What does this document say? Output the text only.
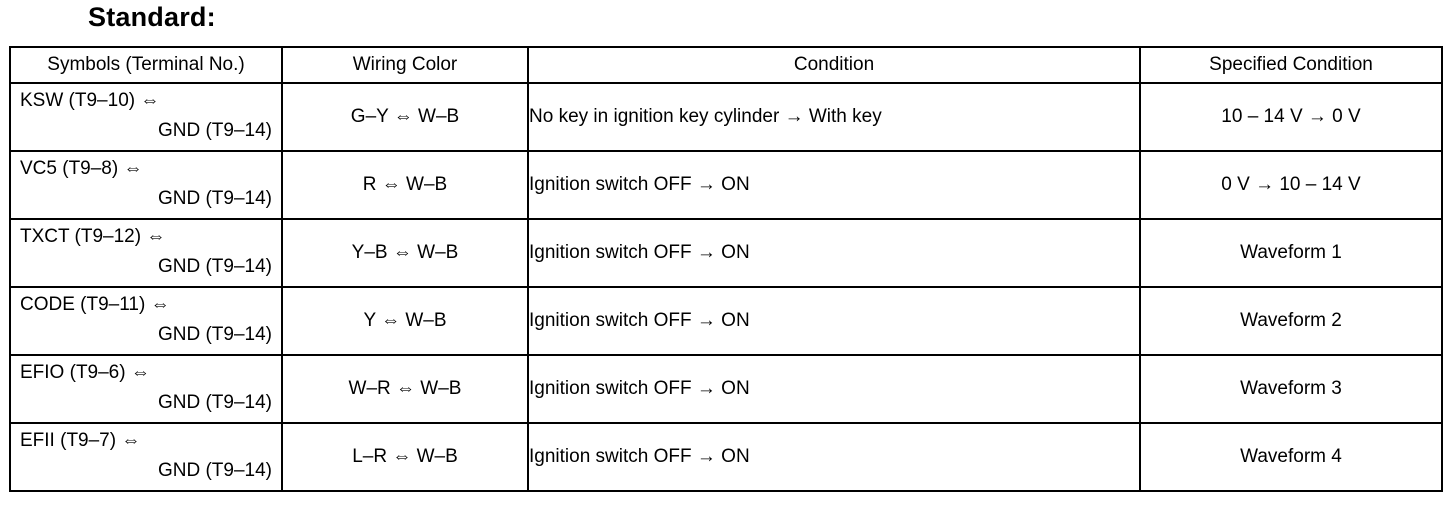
Standard:
Symbols (Terminal No.)	Wiring Color	Condition	Specified Condition

KSW (T9–10) ⇔
GND (T9–14)	G–Y ⇔ W–B	No key in ignition key cylinder → With key	10 – 14 V → 0 V

VC5 (T9–8) ⇔
GND (T9–14)	R ⇔ W–B	Ignition switch OFF → ON	0 V → 10 – 14 V

TXCT (T9–12) ⇔
GND (T9–14)	Y–B ⇔ W–B	Ignition switch OFF → ON	Waveform 1

CODE (T9–11) ⇔
GND (T9–14)	Y ⇔ W–B	Ignition switch OFF → ON	Waveform 2

EFIO (T9–6) ⇔
GND (T9–14)	W–R ⇔ W–B	Ignition switch OFF → ON	Waveform 3

EFII (T9–7) ⇔
GND (T9–14)	L–R ⇔ W–B	Ignition switch OFF → ON	Waveform 4
